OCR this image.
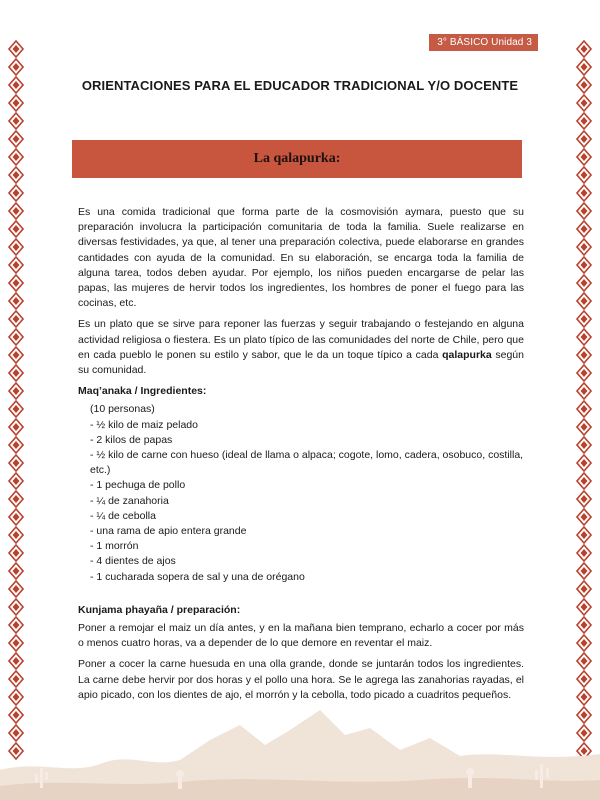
3° BÁSICO Unidad 3
ORIENTACIONES PARA EL EDUCADOR TRADICIONAL Y/O DOCENTE
La qalapurka:

Es una comida tradicional que forma parte de la cosmovisión aymara, puesto que su preparación involucra la participación comunitaria de toda la familia. Suele realizarse en diversas festividades, ya que, al tener una preparación colectiva, puede elaborarse en grandes cantidades con ayuda de la comunidad. En su elaboración, se encarga toda la familia de alguna tarea, todos deben ayudar. Por ejemplo, los niños pueden encargarse de pelar las papas, las mujeres de hervir todos los ingredientes, los hombres de poner el fuego para las cocinas, etc.

Es un plato que se sirve para reponer las fuerzas y seguir trabajando o festejando en alguna actividad religiosa o fiestera. Es un plato típico de las comunidades del norte de Chile, pero que en cada pueblo le ponen su estilo y sabor, que le da un toque típico a cada qalapurka según su comunidad.

Maq’anaka / Ingredientes:
(10 personas)
- ½ kilo de maiz pelado
- 2 kilos de papas
- ½ kilo de carne con hueso (ideal de llama o alpaca; cogote, lomo, cadera, osobuco, costilla, etc.)
- 1 pechuga de pollo
- ¼ de zanahoria
- ¼ de cebolla
- una rama de apio entera grande
- 1 morrón
- 4 dientes de ajos
- 1 cucharada sopera de sal y una de orégano
Kunjama phayaña / preparación:

Poner a remojar el maiz un día antes, y en la mañana bien temprano, echarlo a cocer por más o menos cuatro horas, va a depender de lo que demore en reventar el maiz.

Poner a cocer la carne huesuda en una olla grande, donde se juntarán todos los ingredientes. La carne debe hervir por dos horas y el pollo una hora. Se le agrega las zanahorias rayadas, el apio picado, con los dientes de ajo, el morrón y la cebolla, todo picado a cuadritos pequeños.
